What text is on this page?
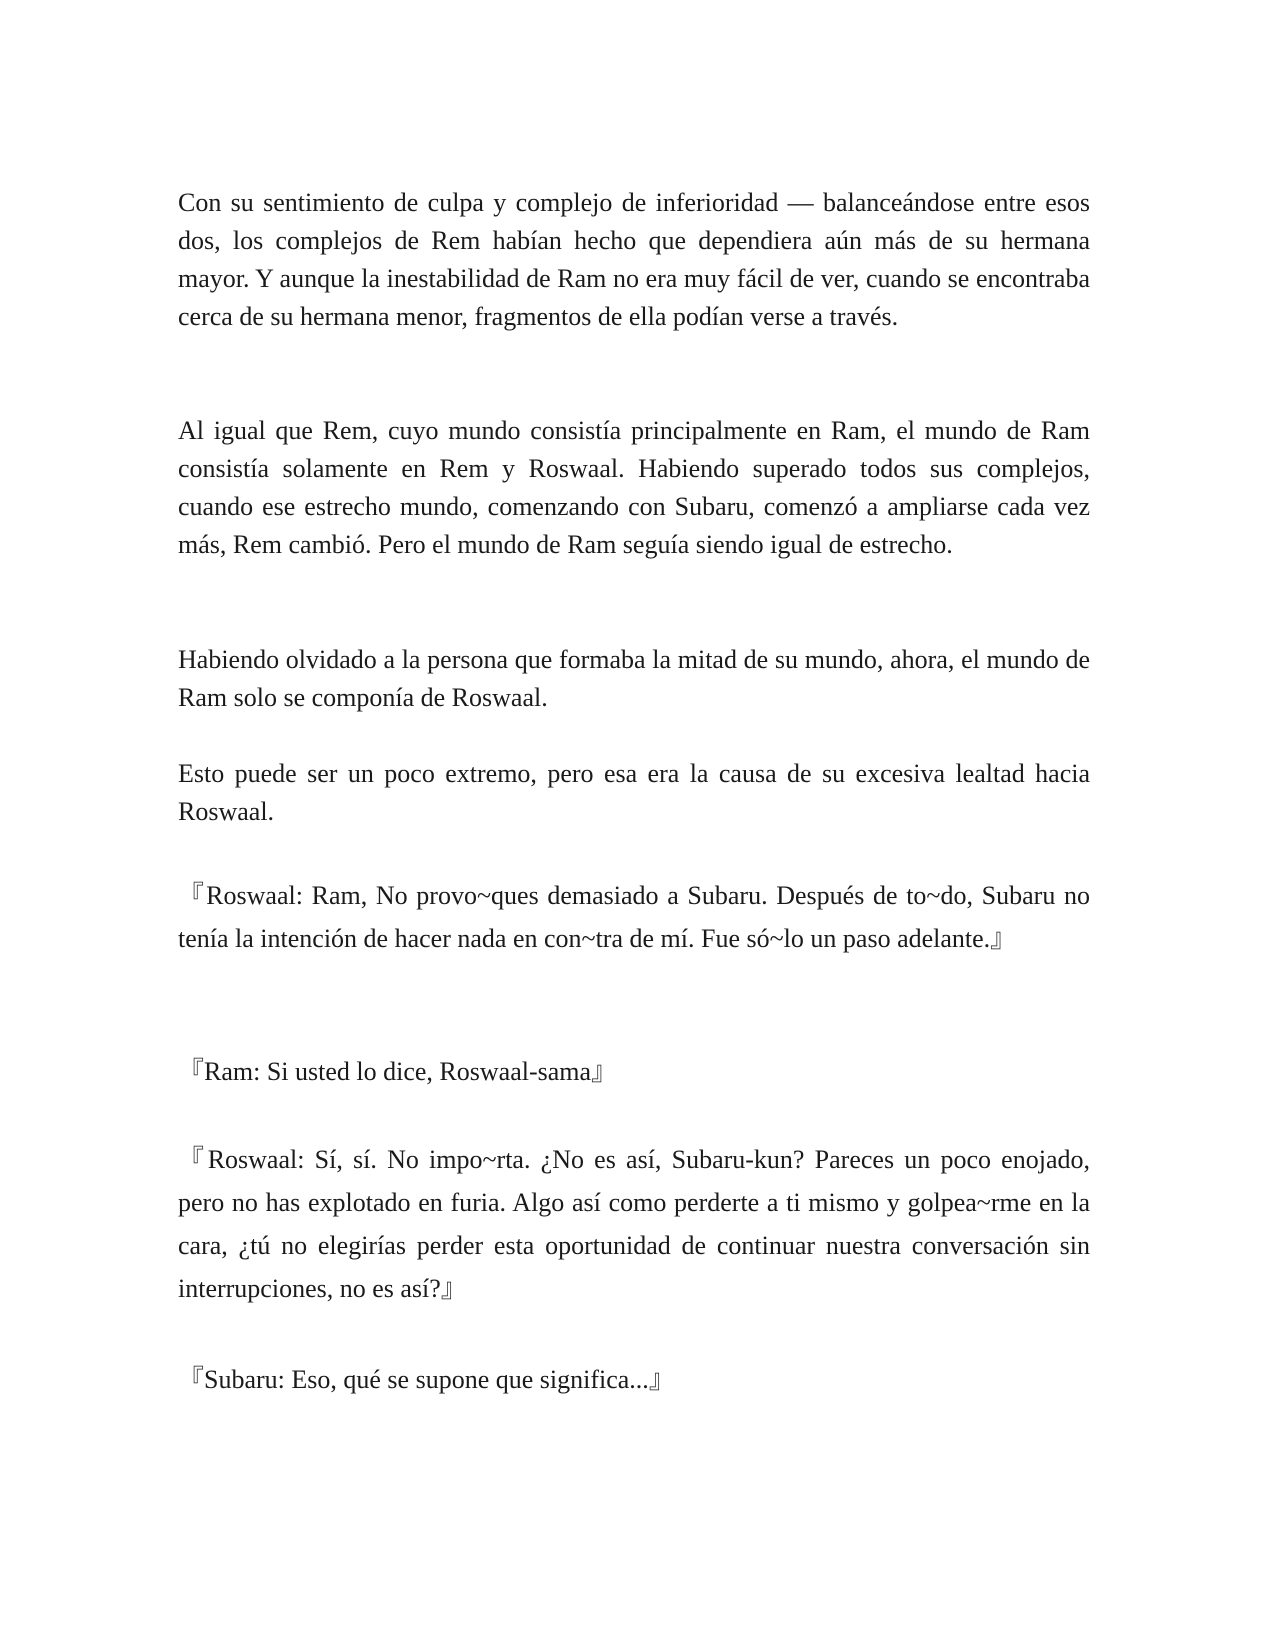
Con su sentimiento de culpa y complejo de inferioridad — balanceándose entre esos dos, los complejos de Rem habían hecho que dependiera aún más de su hermana mayor. Y aunque la inestabilidad de Ram no era muy fácil de ver, cuando se encontraba cerca de su hermana menor, fragmentos de ella podían verse a través.

Al igual que Rem, cuyo mundo consistía principalmente en Ram, el mundo de Ram consistía solamente en Rem y Roswaal. Habiendo superado todos sus complejos, cuando ese estrecho mundo, comenzando con Subaru, comenzó a ampliarse cada vez más, Rem cambió. Pero el mundo de Ram seguía siendo igual de estrecho.

Habiendo olvidado a la persona que formaba la mitad de su mundo, ahora, el mundo de Ram solo se componía de Roswaal.

Esto puede ser un poco extremo, pero esa era la causa de su excesiva lealtad hacia Roswaal.

『Roswaal: Ram, No provo~ques demasiado a Subaru. Después de to~do, Subaru no tenía la intención de hacer nada en con~tra de mí. Fue só~lo un paso adelante.』

『Ram: Si usted lo dice, Roswaal-sama』

『Roswaal: Sí, sí. No impo~rta. ¿No es así, Subaru-kun? Pareces un poco enojado, pero no has explotado en furia. Algo así como perderte a ti mismo y golpea~rme en la cara, ¿tú no elegirías perder esta oportunidad de continuar nuestra conversación sin interrupciones, no es así?』

『Subaru: Eso, qué se supone que significa...』
